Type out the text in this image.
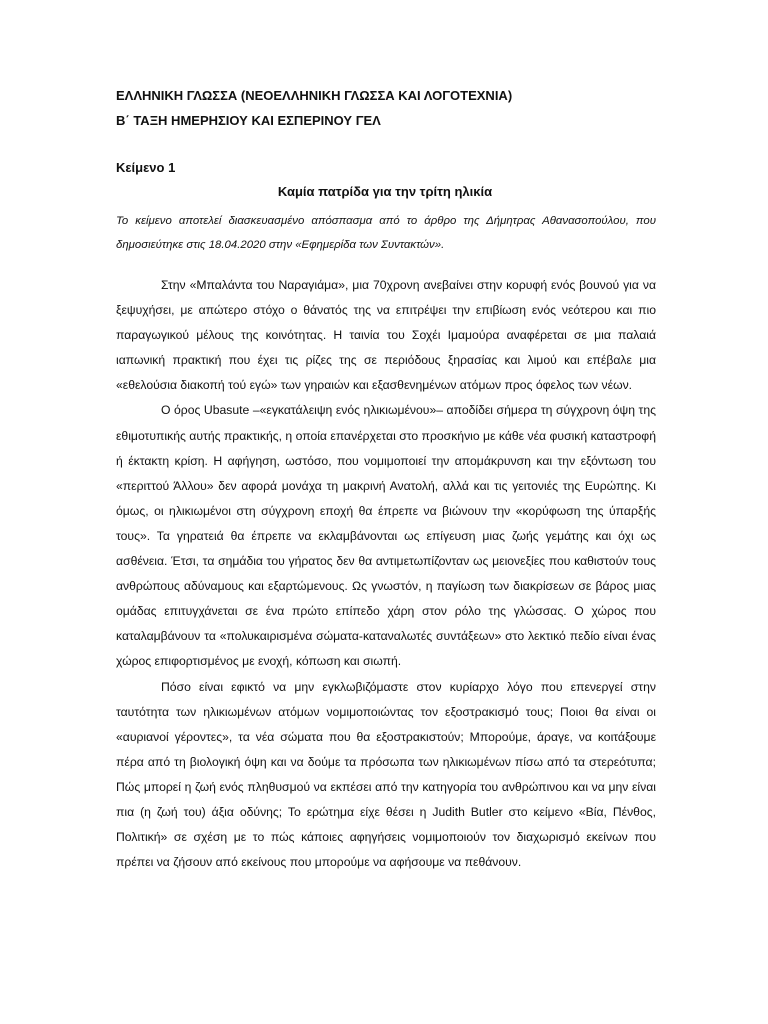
ΕΛΛΗΝΙΚΗ ΓΛΩΣΣΑ (ΝΕΟΕΛΛΗΝΙΚΗ ΓΛΩΣΣΑ ΚΑΙ ΛΟΓΟΤΕΧΝΙΑ)
Β΄ ΤΑΞΗ ΗΜΕΡΗΣΙΟΥ ΚΑΙ ΕΣΠΕΡΙΝΟΥ ΓΕΛ
Κείμενο 1
Καμία πατρίδα για την τρίτη ηλικία
Το κείμενο αποτελεί διασκευασμένο απόσπασμα από το άρθρο της Δήμητρας Αθανασοπούλου, που δημοσιεύτηκε στις 18.04.2020 στην «Εφημερίδα των Συντακτών».

Στην «Μπαλάντα του Ναραγιάμα», μια 70χρονη ανεβαίνει στην κορυφή ενός βουνού για να ξεψυχήσει, με απώτερο στόχο ο θάνατός της να επιτρέψει την επιβίωση ενός νεότερου και πιο παραγωγικού μέλους της κοινότητας. Η ταινία του Σοχέι Ιμαμούρα αναφέρεται σε μια παλαιά ιαπωνική πρακτική που έχει τις ρίζες της σε περιόδους ξηρασίας και λιμού και επέβαλε μια «εθελούσια διακοπή τού εγώ» των γηραιών και εξασθενημένων ατόμων προς όφελος των νέων.

Ο όρος Ubasute –«εγκατάλειψη ενός ηλικιωμένου»– αποδίδει σήμερα τη σύγχρονη όψη της εθιμοτυπικής αυτής πρακτικής, η οποία επανέρχεται στο προσκήνιο με κάθε νέα φυσική καταστροφή ή έκτακτη κρίση. Η αφήγηση, ωστόσο, που νομιμοποιεί την απομάκρυνση και την εξόντωση του «περιττού Άλλου» δεν αφορά μονάχα τη μακρινή Ανατολή, αλλά και τις γειτονιές της Ευρώπης. Κι όμως, οι ηλικιωμένοι στη σύγχρονη εποχή θα έπρεπε να βιώνουν την «κορύφωση της ύπαρξής τους». Τα γηρατειά θα έπρεπε να εκλαμβάνονται ως επίγευση μιας ζωής γεμάτης και όχι ως ασθένεια. Έτσι, τα σημάδια του γήρατος δεν θα αντιμετωπίζονταν ως μειονεξίες που καθιστούν τους ανθρώπους αδύναμους και εξαρτώμενους. Ως γνωστόν, η παγίωση των διακρίσεων σε βάρος μιας ομάδας επιτυγχάνεται σε ένα πρώτο επίπεδο χάρη στον ρόλο της γλώσσας. Ο χώρος που καταλαμβάνουν τα «πολυκαιρισμένα σώματα-καταναλωτές συντάξεων» στο λεκτικό πεδίο είναι ένας χώρος επιφορτισμένος με ενοχή, κόπωση και σιωπή.

Πόσο είναι εφικτό να μην εγκλωβιζόμαστε στον κυρίαρχο λόγο που επενεργεί στην ταυτότητα των ηλικιωμένων ατόμων νομιμοποιώντας τον εξοστρακισμό τους; Ποιοι θα είναι οι «αυριανοί γέροντες», τα νέα σώματα που θα εξοστρακιστούν; Μπορούμε, άραγε, να κοιτάξουμε πέρα από τη βιολογική όψη και να δούμε τα πρόσωπα των ηλικιωμένων πίσω από τα στερεότυπα; Πώς μπορεί η ζωή ενός πληθυσμού να εκπέσει από την κατηγορία του ανθρώπινου και να μην είναι πια (η ζωή του) άξια οδύνης; Το ερώτημα είχε θέσει η Judith Butler στο κείμενο «Βία, Πένθος, Πολιτική» σε σχέση με το πώς κάποιες αφηγήσεις νομιμοποιούν τον διαχωρισμό εκείνων που πρέπει να ζήσουν από εκείνους που μπορούμε να αφήσουμε να πεθάνουν.
